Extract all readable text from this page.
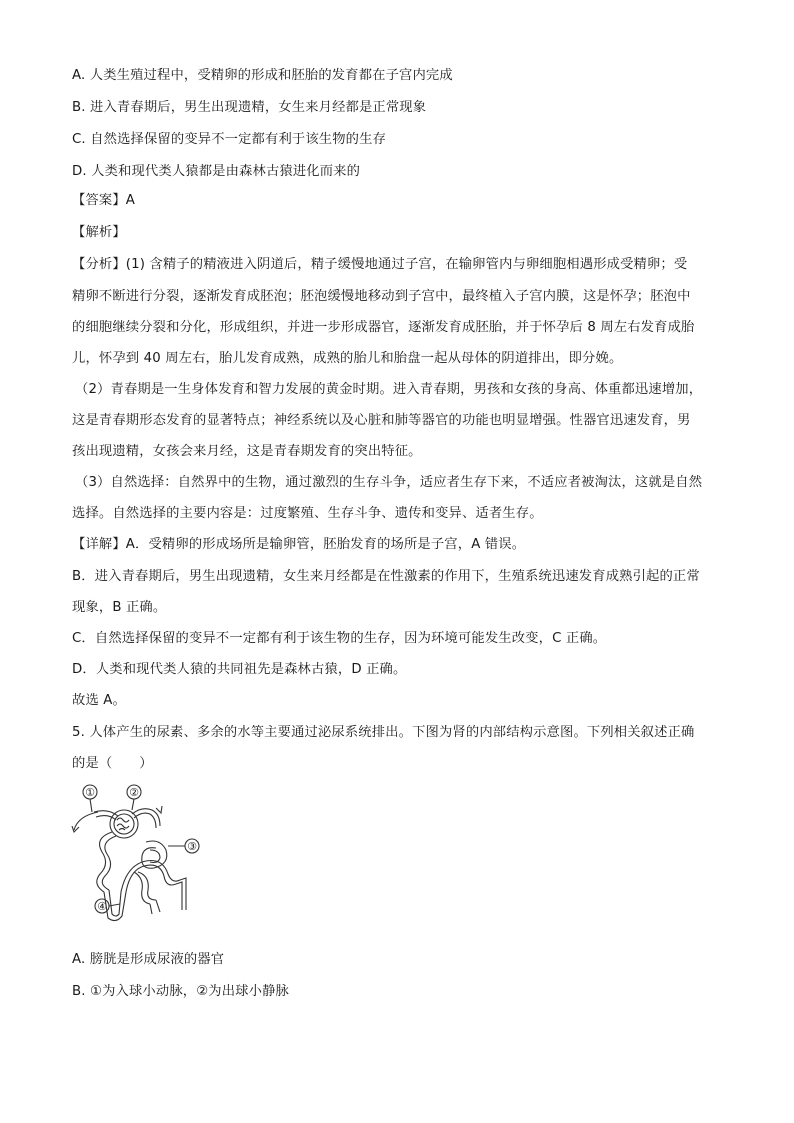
A. 人类生殖过程中，受精卵的形成和胚胎的发育都在子宫内完成
B. 进入青春期后，男生出现遗精，女生来月经都是正常现象
C. 自然选择保留的变异不一定都有利于该生物的生存
D. 人类和现代类人猿都是由森林古猿进化而来的
【答案】A
【解析】
【分析】(1) 含精子的精液进入阴道后，精子缓慢地通过子宫，在输卵管内与卵细胞相遇形成受精卵；受
精卵不断进行分裂，逐渐发育成胚泡；胚泡缓慢地移动到子宫中，最终植入子宫内膜，这是怀孕；胚泡中
的细胞继续分裂和分化，形成组织，并进一步形成器官，逐渐发育成胚胎，并于怀孕后 8 周左右发育成胎
儿，怀孕到 40 周左右，胎儿发育成熟，成熟的胎儿和胎盘一起从母体的阴道排出，即分娩。
（2）青春期是一生身体发育和智力发展的黄金时期。进入青春期，男孩和女孩的身高、体重都迅速增加，
这是青春期形态发育的显著特点；神经系统以及心脏和肺等器官的功能也明显增强。性器官迅速发育，男
孩出现遗精，女孩会来月经，这是青春期发育的突出特征。
（3）自然选择：自然界中的生物，通过激烈的生存斗争，适应者生存下来，不适应者被淘汰，这就是自然
选择。自然选择的主要内容是：过度繁殖、生存斗争、遗传和变异、适者生存。
【详解】A．受精卵的形成场所是输卵管，胚胎发育的场所是子宫，A 错误。
B．进入青春期后，男生出现遗精，女生来月经都是在性激素的作用下，生殖系统迅速发育成熟引起的正常
现象，B 正确。
C．自然选择保留的变异不一定都有利于该生物的生存，因为环境可能发生改变，C 正确。
D．人类和现代类人猿的共同祖先是森林古猿，D 正确。
故选 A。
5. 人体产生的尿素、多余的水等主要通过泌尿系统排出。下图为肾的内部结构示意图。下列相关叙述正确
的是（　　）
①	②
③
④
A. 膀胱是形成尿液的器官
B. ①为入球小动脉，②为出球小静脉
